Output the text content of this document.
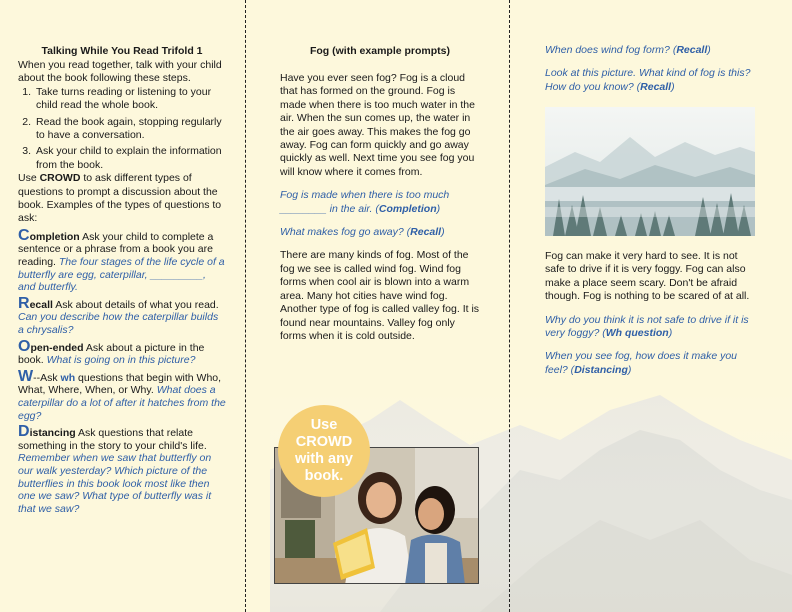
Talking While You Read Trifold 1
When you read together, talk with your child about the book following these steps.
1. Take turns reading or listening to your child read the whole book.
2. Read the book again, stopping regularly to have a conversation.
3. Ask your child to explain the information from the book.
Use CROWD to ask different types of questions to prompt a discussion about the book. Examples of the types of questions to ask:
Completion Ask your child to complete a sentence or a phrase from a book you are reading. The four stages of the life cycle of a butterfly are egg, caterpillar, _________, and butterfly.
Recall Ask about details of what you read. Can you describe how the caterpillar builds a chrysalis?
Open-ended Ask about a picture in the book. What is going on in this picture?
W--Ask wh questions that begin with Who, What, Where, When, or Why. What does a caterpillar do a lot of after it hatches from the egg?
Distancing Ask questions that relate something in the story to your child's life. Remember when we saw that butterfly on our walk yesterday? Which picture of the butterflies in this book look most like then one we saw? What type of butterfly was it that we saw?
Fog (with example prompts)
Have you ever seen fog? Fog is a cloud that has formed on the ground. Fog is made when there is too much water in the air. When the sun comes up, the water in the air goes away. This makes the fog go away. Fog can form quickly and go away quickly as well. Next time you see fog you will know where it comes from.
Fog is made when there is too much ________ in the air. (Completion)
What makes fog go away? (Recall)
There are many kinds of fog. Most of the fog we see is called wind fog. Wind fog forms when cool air is blown into a warm area. Many hot cities have wind fog. Another type of fog is called valley fog. It is found near mountains. Valley fog only forms when it is cold outside.
Use CROWD with any book.
When does wind fog form? (Recall)
Look at this picture. What kind of fog is this? How do you know? (Recall)
Fog can make it very hard to see. It is not safe to drive if it is very foggy. Fog can also make a place seem scary. Don't be afraid though. Fog is nothing to be scared of at all.
Why do you think it is not safe to drive if it is very foggy? (Wh question)
When you see fog, how does it make you feel? (Distancing)
